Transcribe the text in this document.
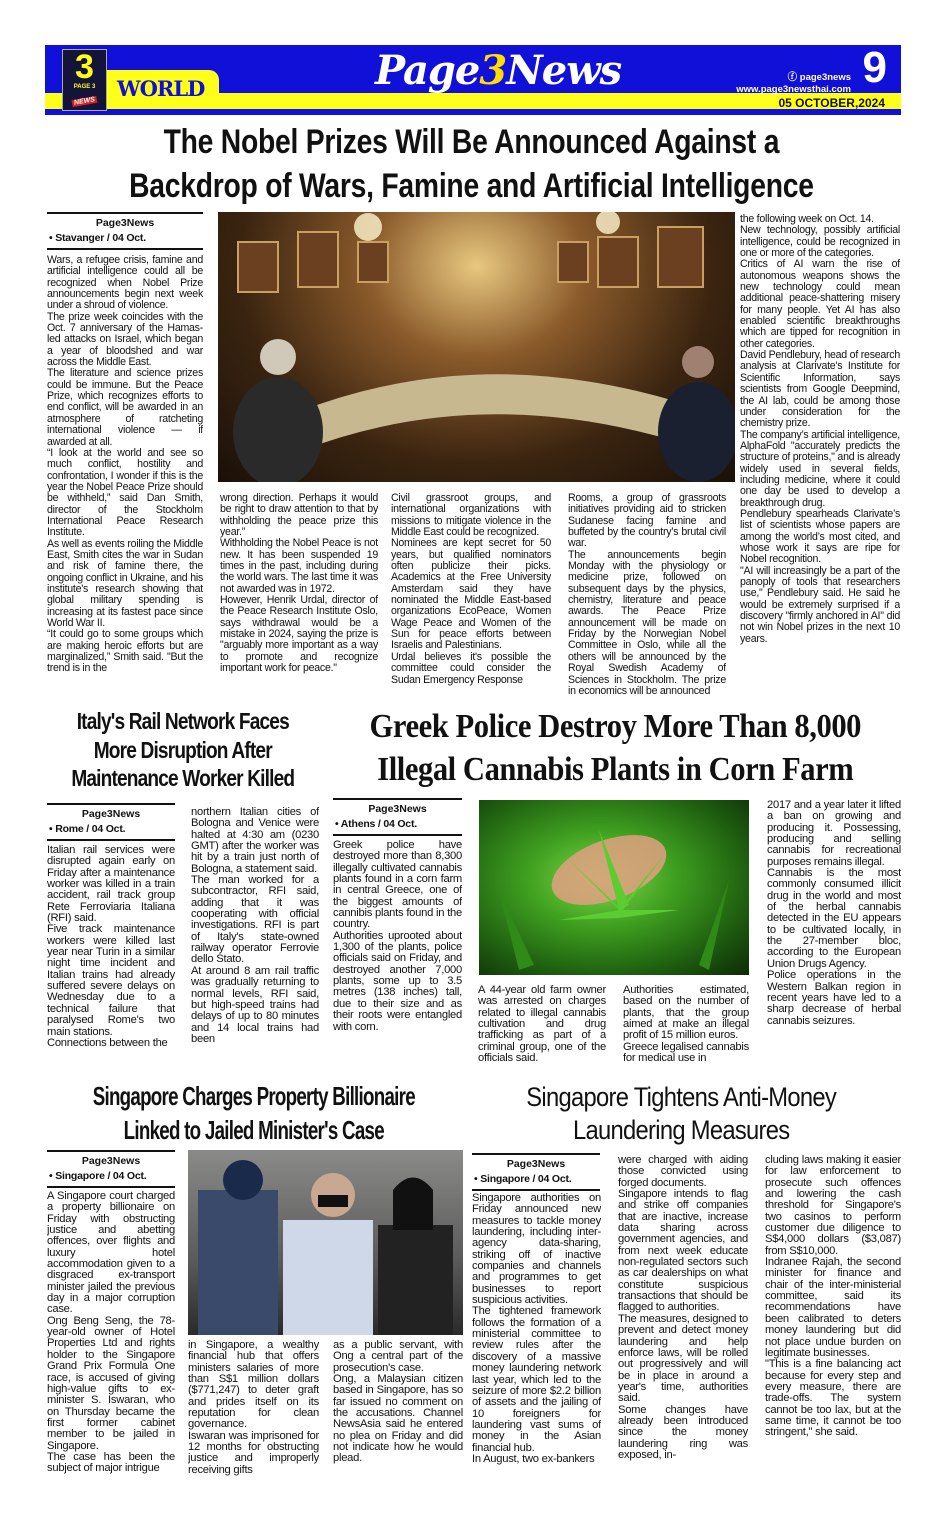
WORLD
3
PAGE 3
NEWS
Page3News	ⓕ page3news
www.page3newsthai.com 9
05 OCTOBER,2024
The Nobel Prizes Will Be Announced Against a
Backdrop of Wars, Famine and Artificial Intelligence
Page3News
• Stavanger / 04 Oct.

Wars, a refugee crisis, famine and artificial intelligence could all be recognized when Nobel Prize announcements begin next week under a shroud of violence.

The prize week coincides with the Oct. 7 anniversary of the Hamas-led attacks on Israel, which began a year of bloodshed and war across the Middle East.

The literature and science prizes could be immune. But the Peace Prize, which recognizes efforts to end conflict, will be awarded in an atmosphere of ratcheting international violence — if awarded at all.

“I look at the world and see so much conflict, hostility and confrontation, I wonder if this is the year the Nobel Peace Prize should be withheld,” said Dan Smith, director of the Stockholm International Peace Research Institute.

As well as events roiling the Middle East, Smith cites the war in Sudan and risk of famine there, the ongoing conflict in Ukraine, and his institute's research showing that global military spending is increasing at its fastest pace since World War II.

“It could go to some groups which are making heroic efforts but are marginalized,” Smith said. "But the trend is in the

wrong direction. Perhaps it would be right to draw attention to that by withholding the peace prize this year.”

Withholding the Nobel Peace is not new. It has been suspended 19 times in the past, including during the world wars. The last time it was not awarded was in 1972.

However, Henrik Urdal, director of the Peace Research Institute Oslo, says withdrawal would be a mistake in 2024, saying the prize is "arguably more important as a way to promote and recognize important work for peace."

Civil grassroot groups, and international organizations with missions to mitigate violence in the Middle East could be recognized.

Nominees are kept secret for 50 years, but qualified nominators often publicize their picks. Academics at the Free University Amsterdam said they have nominated the Middle East-based organizations EcoPeace, Women Wage Peace and Women of the Sun for peace efforts between Israelis and Palestinians.

Urdal believes it's possible the committee could consider the Sudan Emergency Response

Rooms, a group of grassroots initiatives providing aid to stricken Sudanese facing famine and buffeted by the country’s brutal civil war.

The announcements begin Monday with the physiology or medicine prize, followed on subsequent days by the physics, chemistry, literature and peace awards. The Peace Prize announcement will be made on Friday by the Norwegian Nobel Committee in Oslo, while all the others will be announced by the Royal Swedish Academy of Sciences in Stockholm. The prize in economics will be announced

the following week on Oct. 14.

New technology, possibly artificial intelligence, could be recognized in one or more of the categories.

Critics of AI warn the rise of autonomous weapons shows the new technology could mean additional peace-shattering misery for many people. Yet AI has also enabled scientific breakthroughs which are tipped for recognition in other categories.

David Pendlebury, head of research analysis at Clarivate's Institute for Scientific Information, says scientists from Google Deepmind, the AI lab, could be among those under consideration for the chemistry prize.

The company’s artificial intelligence, AlphaFold "accurately predicts the structure of proteins," and is already widely used in several fields, including medicine, where it could one day be used to develop a breakthrough drug.

Pendlebury spearheads Clarivate’s list of scientists whose papers are among the world’s most cited, and whose work it says are ripe for Nobel recognition.

"AI will increasingly be a part of the panoply of tools that researchers use," Pendlebury said. He said he would be extremely surprised if a discovery "firmly anchored in AI" did not win Nobel prizes in the next 10 years.

Italy's Rail Network Faces
More Disruption After
Maintenance Worker Killed
Page3News
• Rome / 04 Oct.

Italian rail services were disrupted again early on Friday after a maintenance worker was killed in a train accident, rail track group Rete Ferroviaria Italiana (RFI) said.

Five track maintenance workers were killed last year near Turin in a similar night time incident and Italian trains had already suffered severe delays on Wednesday due to a technical failure that paralysed Rome's two main stations.

Connections between the

northern Italian cities of Bologna and Venice were halted at 4:30 am (0230 GMT) after the worker was hit by a train just north of Bologna, a statement said.

The man worked for a subcontractor, RFI said, adding that it was cooperating with official investigations. RFI is part of Italy's state-owned railway operator Ferrovie dello Stato.

At around 8 am rail traffic was gradually returning to normal levels, RFI said, but high-speed trains had delays of up to 80 minutes and 14 local trains had been

Greek Police Destroy More Than 8,000
Illegal Cannabis Plants in Corn Farm
Page3News
• Athens / 04 Oct.

Greek police have destroyed more than 8,300 illegally cultivated cannabis plants found in a corn farm in central Greece, one of the biggest amounts of cannibis plants found in the country.

Authorities uprooted about 1,300 of the plants, police officials said on Friday, and destroyed another 7,000 plants, some up to 3.5 metres (138 inches) tall, due to their size and as their roots were entangled with corn.

A 44-year old farm owner was arrested on charges related to illegal cannabis cultivation and drug trafficking as part of a criminal group, one of the officials said.

Authorities estimated, based on the number of plants, that the group aimed at make an illegal profit of 15 million euros.

Greece legalised cannabis for medical use in

2017 and a year later it lifted a ban on growing and producing it. Possessing, producing and selling cannabis for recreational purposes remains illegal.

Cannabis is the most commonly consumed illicit drug in the world and most of the herbal cannabis detected in the EU appears to be cultivated locally, in the 27-member bloc, according to the European Union Drugs Agency.

Police operations in the Western Balkan region in recent years have led to a sharp decrease of herbal cannabis seizures.

Singapore Charges Property Billionaire
Linked to Jailed Minister's Case
Page3News
• Singapore / 04 Oct.

A Singapore court charged a property billionaire on Friday with obstructing justice and abetting offences, over flights and luxury hotel accommodation given to a disgraced ex-transport minister jailed the previous day in a major corruption case.

Ong Beng Seng, the 78-year-old owner of Hotel Properties Ltd and rights holder to the Singapore Grand Prix Formula One race, is accused of giving high-value gifts to ex-minister S. Iswaran, who on Thursday became the first former cabinet member to be jailed in Singapore.

The case has been the subject of major intrigue

in Singapore, a wealthy financial hub that offers ministers salaries of more than S$1 million dollars ($771,247) to deter graft and prides itself on its reputation for clean governance.

Iswaran was imprisoned for 12 months for obstructing justice and improperly receiving gifts

as a public servant, with Ong a central part of the prosecution's case.

Ong, a Malaysian citizen based in Singapore, has so far issued no comment on the accusations. Channel NewsAsia said he entered no plea on Friday and did not indicate how he would plead.

Singapore Tightens Anti-Money
Laundering Measures
Page3News
• Singapore / 04 Oct.

Singapore authorities on Friday announced new measures to tackle money laundering, including inter-agency data-sharing, striking off of inactive companies and channels and programmes to get businesses to report suspicious activities.

The tightened framework follows the formation of a ministerial committee to review rules after the discovery of a massive money laundering network last year, which led to the seizure of more $2.2 billion of assets and the jailing of 10 foreigners for laundering vast sums of money in the Asian financial hub.

In August, two ex-bankers

were charged with aiding those convicted using forged documents.

Singapore intends to flag and strike off companies that are inactive, increase data sharing across government agencies, and from next week educate non-regulated sectors such as car dealerships on what constitute suspicious transactions that should be flagged to authorities.

The measures, designed to prevent and detect money laundering and help enforce laws, will be rolled out progressively and will be in place in around a year's time, authorities said.

Some changes have already been introduced since the money laundering ring was exposed, in-

cluding laws making it easier for law enforcement to prosecute such offences and lowering the cash threshold for Singapore's two casinos to perform customer due diligence to S$4,000 dollars ($3,087) from S$10,000.

Indranee Rajah, the second minister for finance and chair of the inter-ministerial committee, said its recommendations have been calibrated to deters money laundering but did not place undue burden on legitimate businesses.

"This is a fine balancing act because for every step and every measure, there are trade-offs. The system cannot be too lax, but at the same time, it cannot be too stringent," she said.
